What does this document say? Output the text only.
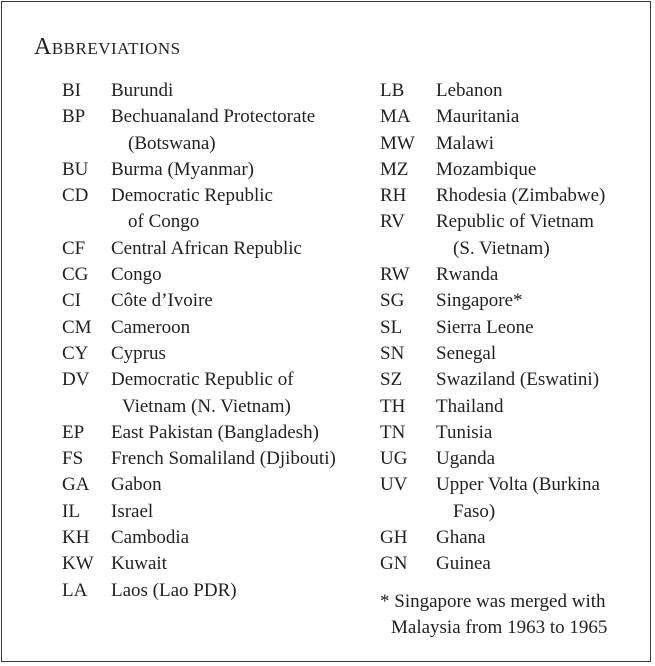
Abbreviations
BI	Burundi
BP	Bechuanaland Protectorate
(Botswana)
BU	Burma (Myanmar)
CD	Democratic Republic
of Congo
CF	Central African Republic
CG	Congo
CI	Côte d’Ivoire
CM	Cameroon
CY	Cyprus
DV	Democratic Republic of
Vietnam (N. Vietnam)
EP	East Pakistan (Bangladesh)
FS	French Somaliland (Djibouti)
GA	Gabon
IL	Israel
KH	Cambodia
KW Kuwait
LA	Laos (Lao PDR)
LB	Lebanon
MA	Mauritania
MW	Malawi
MZ	Mozambique
RH	Rhodesia (Zimbabwe)
RV	Republic of Vietnam
(S. Vietnam)
RW	Rwanda
SG	Singapore*
SL	Sierra Leone
SN	Senegal
SZ	Swaziland (Eswatini)
TH	Thailand
TN	Tunisia
UG	Uganda
UV	Upper Volta (Burkina
Faso)
GH	Ghana
GN	Guinea
* Singapore was merged with
Malaysia from 1963 to 1965
